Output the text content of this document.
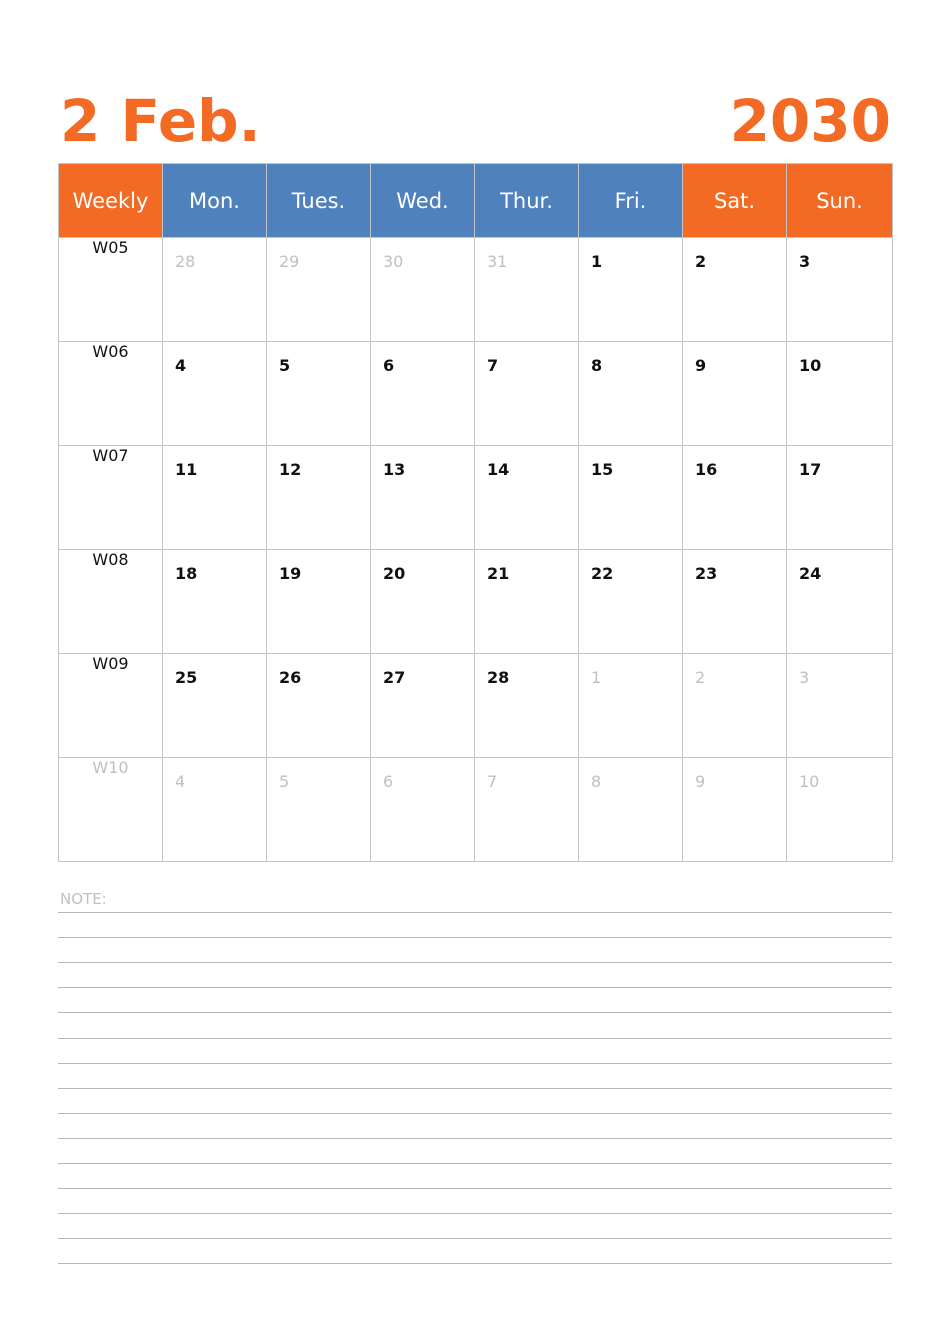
2 Feb.	2030
Weekly	Mon.	Tues.	Wed.	Thur.	Fri.	Sat.	Sun.
W05	28	29	30	31	1	2	3

W06	4	5	6	7	8	9	10

W07	11	12	13	14	15	16	17

W08	18	19	20	21	22	23	24

W09	25	26	27	28	1	2	3

W10	4	5	6	7	8	9	10
NOTE:
